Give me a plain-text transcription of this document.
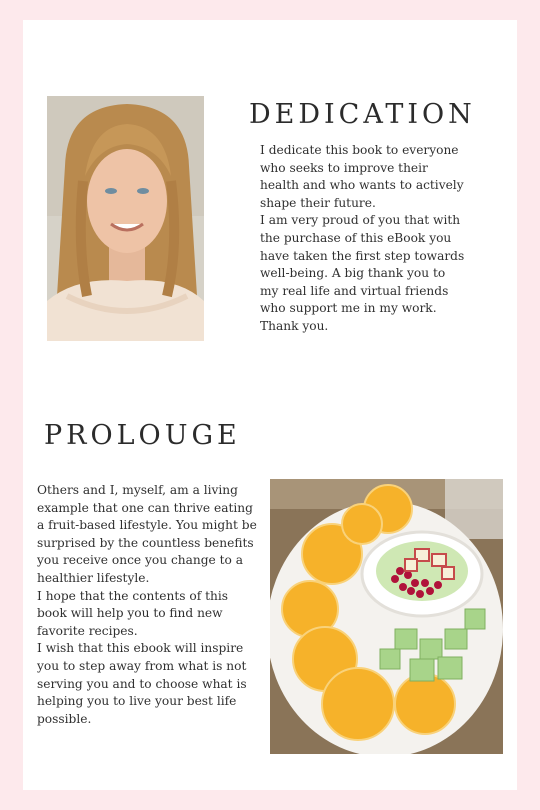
DEDICATION

I dedicate this book to everyone who seeks to improve their health and who wants to actively shape their future.

I am very proud of you that with the purchase of this eBook you have taken the first step towards well-being. A big thank you to my real life and virtual friends who support me in my work. Thank you.

PROLOUGE

Others and I, myself, am a living example that one can thrive eating a fruit-based lifestyle. You might be surprised by the countless benefits you receive once you change to a healthier lifestyle.

I hope that the contents of this book will help you to find new favorite recipes.

I wish that this ebook will inspire you to step away from what is not serving you and to choose what is helping you to live your best life possible.
